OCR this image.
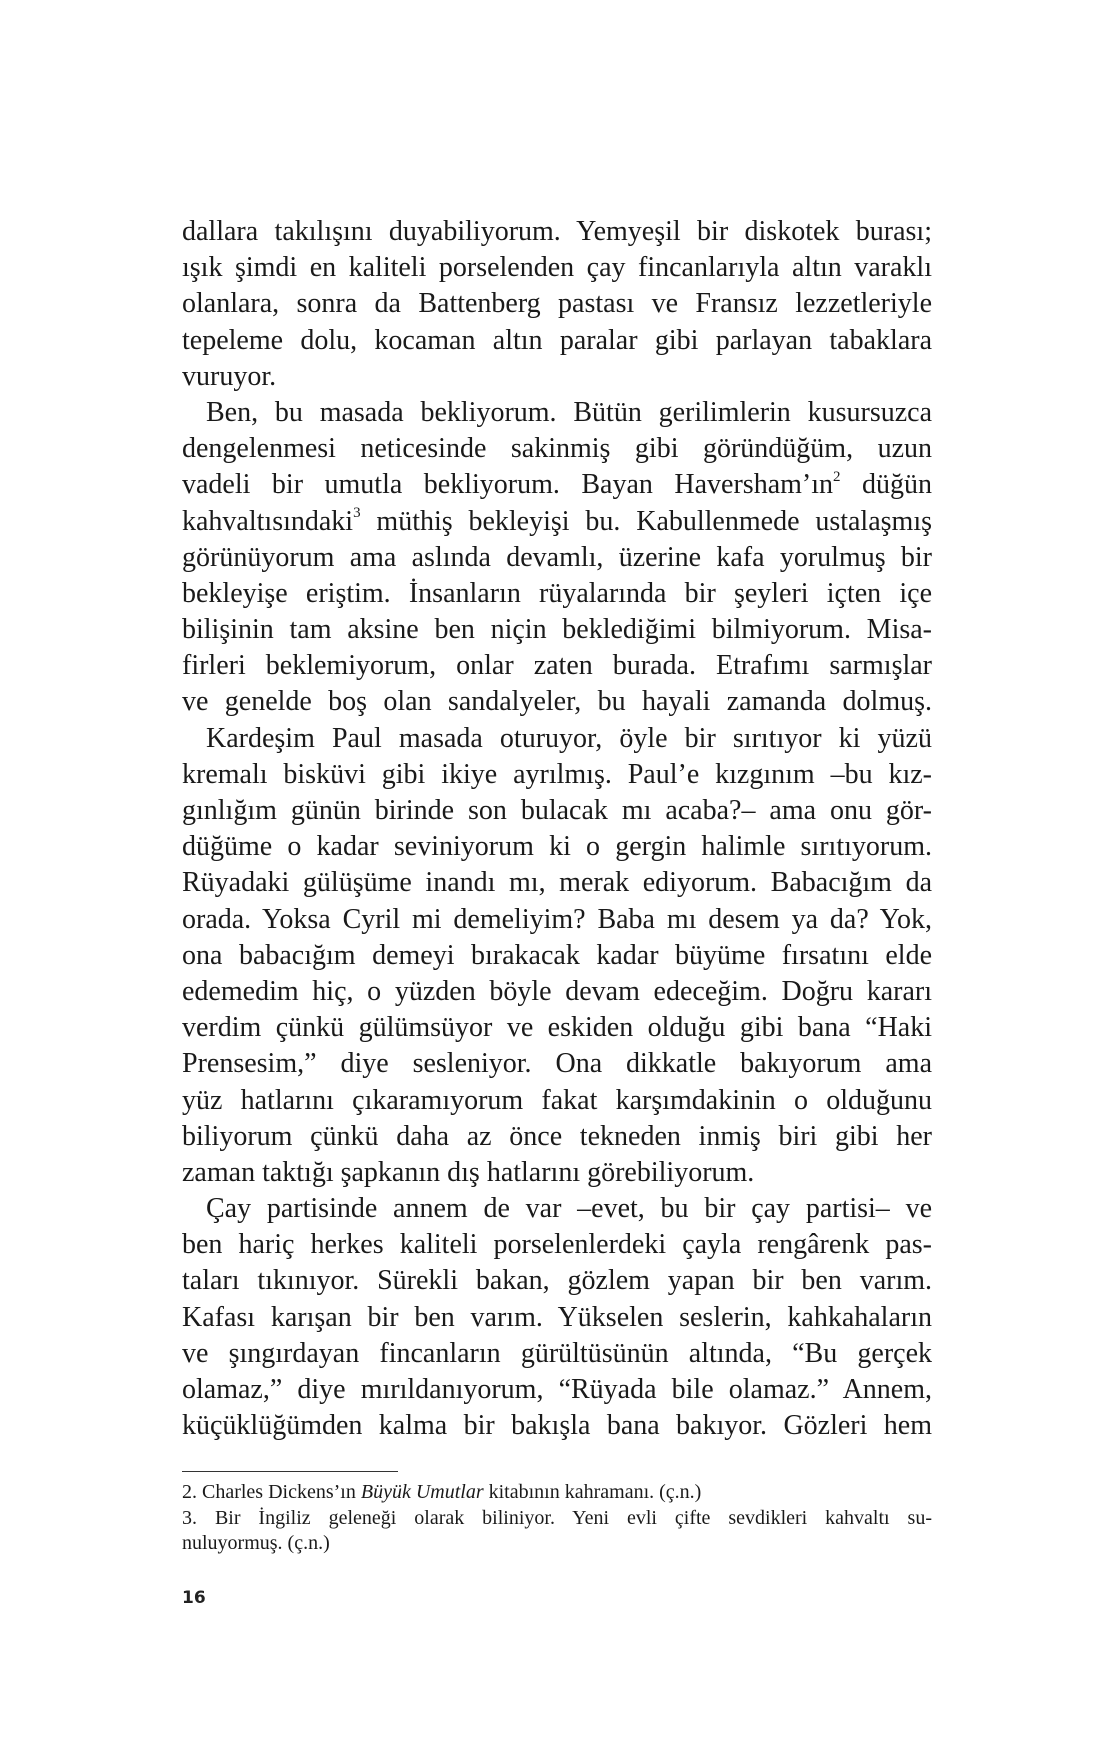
dallara takılışını duyabiliyorum. Yemyeşil bir diskotek burası;
ışık şimdi en kaliteli porselenden çay fincanlarıyla altın varaklı
olanlara, sonra da Battenberg pastası ve Fransız lezzetleriyle
tepeleme dolu, kocaman altın paralar gibi parlayan tabaklara
vuruyor.
Ben, bu masada bekliyorum. Bütün gerilimlerin kusursuzca
dengelenmesi neticesinde sakinmiş gibi göründüğüm, uzun
vadeli bir umutla bekliyorum. Bayan $Haversham’ın^2$ düğün
kahvaltısındaki$^3$ müthiş bekleyişi bu. Kabullenmede ustalaşmış
görünüyorum ama aslında devamlı, üzerine kafa yorulmuş bir
bekleyişe eriştim. İnsanların rüyalarında bir şeyleri içten içe
bilişinin tam aksine ben niçin beklediğimi bilmiyorum. Misa-
firleri beklemiyorum, onlar zaten burada. Etrafımı sarmışlar
ve genelde boş olan sandalyeler, bu hayali zamanda dolmuş.
Kardeşim Paul masada oturuyor, öyle bir sırıtıyor ki yüzü
kremalı bisküvi gibi ikiye ayrılmış. Paul’e kızgınım –bu kız-
gınlığım günün birinde son bulacak mı acaba?– ama onu gör-
düğüme o kadar seviniyorum ki o gergin halimle sırıtıyorum.
Rüyadaki gülüşüme inandı mı, merak ediyorum. Babacığım da
orada. Yoksa Cyril mi demeliyim? Baba mı desem ya da? Yok,
ona babacığım demeyi bırakacak kadar büyüme fırsatını elde
edemedim hiç, o yüzden böyle devam edeceğim. Doğru kararı
verdim çünkü gülümsüyor ve eskiden olduğu gibi bana “Haki
Prensesim,” diye sesleniyor. Ona dikkatle bakıyorum ama
yüz hatlarını çıkaramıyorum fakat karşımdakinin o olduğunu
biliyorum çünkü daha az önce tekneden inmiş biri gibi her
zaman taktığı şapkanın dış hatlarını görebiliyorum.
Çay partisinde annem de var –evet, bu bir çay partisi– ve
ben hariç herkes kaliteli porselenlerdeki çayla rengârenk pas-
taları tıkınıyor. Sürekli bakan, gözlem yapan bir ben varım.
Kafası karışan bir ben varım. Yükselen seslerin, kahkahaların
ve şıngırdayan fincanların gürültüsünün altında, “Bu gerçek
olamaz,” diye mırıldanıyorum, “Rüyada bile olamaz.” Annem,
küçüklüğümden kalma bir bakışla bana bakıyor. Gözleri hem
2. Charles Dickens’ın Büyük Umutlar kitabının kahramanı. (ç.n.)
3. Bir İngiliz geleneği olarak biliniyor. Yeni evli çifte sevdikleri kahvaltı su-
nuluyormuş. (ç.n.)
16
